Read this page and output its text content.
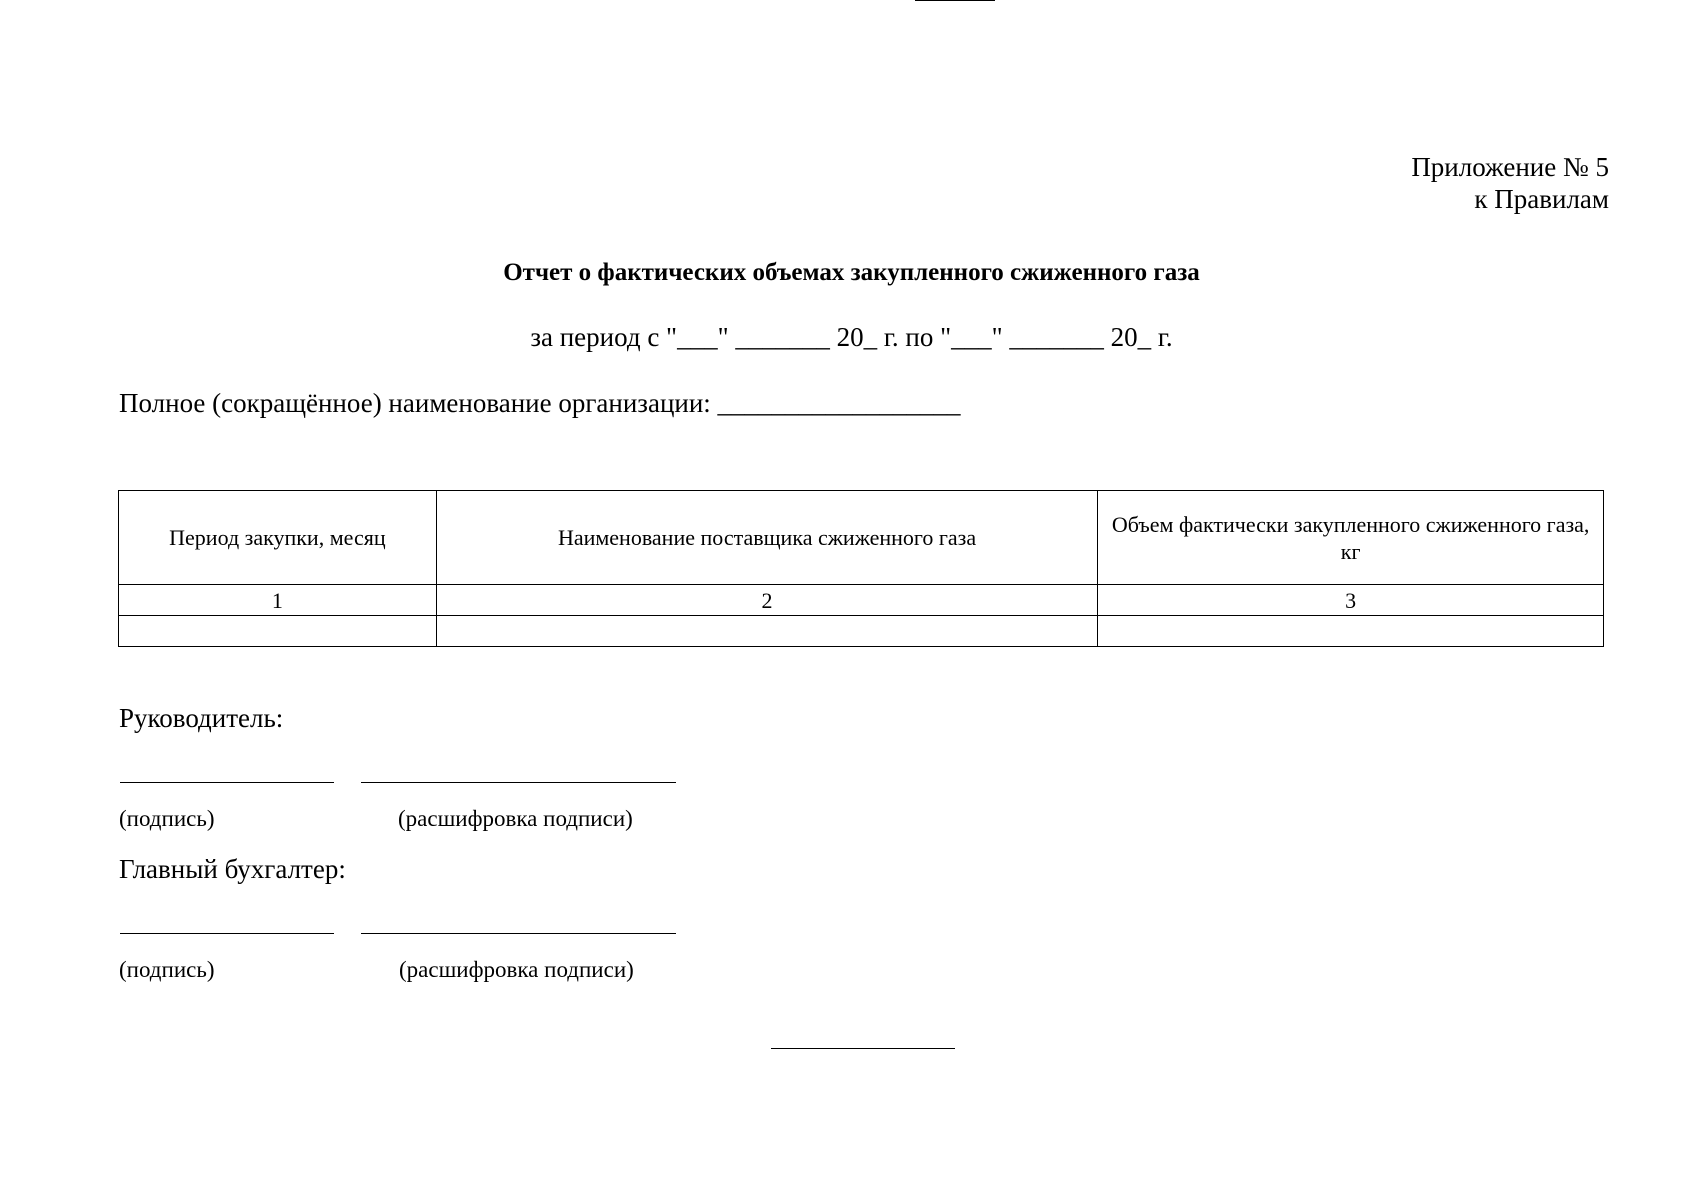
Приложение № 5
к Правилам
Отчет о фактических объемах закупленного сжиженного газа
за период с "___" _______ 20_ г. по "___" _______ 20_ г.
Полное (сокращённое) наименование организации: __________________
Период закупки, месяц	Наименование поставщика сжиженного газа	Объем фактически закупленного сжиженного газа, кг
1	2	3

Руководитель:
(подпись)	(расшифровка подписи)
Главный бухгалтер:
(подпись)	(расшифровка подписи)
